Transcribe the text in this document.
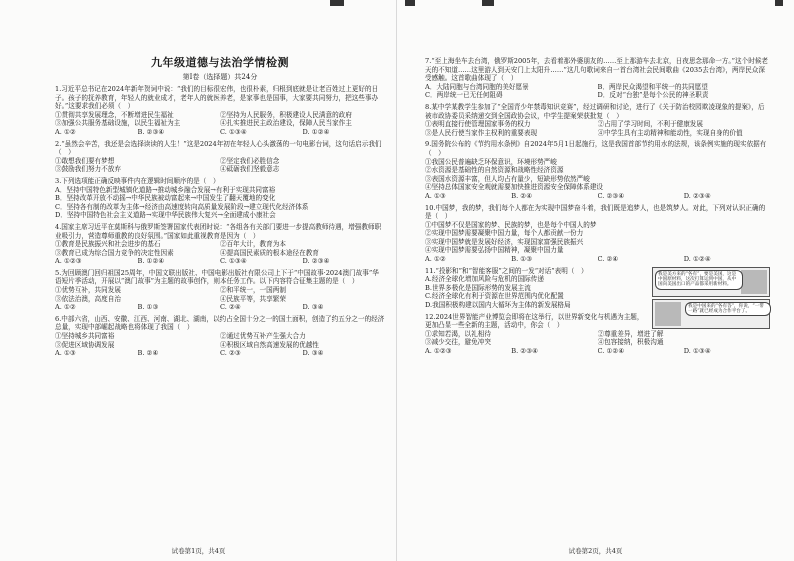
九年级道德与法治学情检测
第Ⅰ卷（选择题）共24分
1.习近平总书记在2024年新年贺词中说：“我们的目标很宏伟，也很朴素，归根到底就是让老百姓过上更好的日子。孩子的抚养教育，年轻人的就业成才，老年人的就医养老，是家事也是国事，大家要共同努力，把这些事办好。”这要求我们必须（　）
①贯彻共享发展理念，不断增进民生福祉	②坚持为人民服务，积极建设人民满意的政府
③加强公共服务基础设施，以民生福祉为主	④扎实推进民主政治建设，保障人民当家作主
A. ①②	B. ②③④	C. ①③④	D. ①②④
2.“虽然会辛苦，我还是会选择读读的人生！”这是2024年初在年轻人心头激荡的一句电影台词，这句话启示我们（　）
①敢想我们要有梦想	②坚定我们必胜信念
③鼓励我们努力不放弃	④砥砺我们坚毅意志
3.下列选项能正确反映事件内在逻辑时间顺序的是（　）
A．坚持中国特色新型城镇化道路→推动城乡融合发展→有利于实现共同富裕
B．坚持改革开放不动摇→中华民族被动富起来→中国发生了翻天覆地的变化
C．坚持各有制的改革为主体→经济由高速度转向高质量发展阶段→建立现代化经济体系
D．坚持中国特色社会主义道路→实现中华民族伟大复兴→全面建成小康社会
4.国家主席习近平在莫斯科与俄罗斯签署国家代表团时说：“各组各有关部门要进一步提高教师待遇，增强教师职业吸引力，营造尊师重教的良好氛围。”国家如此重视教育是因为（　）
①教育是民族振兴和社会进步的基石	②百年大计，教育为本
③教育已成为综合国力竞争的决定性因素	④提高国民素质的根本途径在教育
A. ①②③	B. ①②④	C. ①③④	D. ②③④
5.为回顾澳门回归祖国25周年，中国文联出版社、中国电影出版社有限公司上下于“中国故事·2024澳门故事”华语短片季活动，开展以“澳门故事”为主题的故事创作，则本任务工作。以下内容符合征集主题的是（　）
①优势互补，共同发展	②和平统一，一国两制
③依法治澳，高度自治	④民族平等，共享繁荣
A. ①②	B. ①③	C. ②④	D. ③④
6.中部六省，山西、安徽、江西、河南、湖北、湖南，以约占全国十分之一的国土面积，创造了约五分之一的经济总量，实现中部崛起战略也将体现了我国（　）
①坚持城乡共同富裕	②通过优势互补产生强大合力
③促进区域协调发展	④积极区域自然高速发展的优越性
A. ①③	B. ②④	C. ②③	D. ③④
试卷第1页，共4页
7.“至上海坐车去台湾，俄罗斯2005年，去看着那外婆朋友的……至上那游车去北京，日夜思念那命一方。”这个时候老天的不知道……这里游人到天安门上太阳升……”这几句歌词来自一首台湾社会民间歌曲《2035去台湾》，两岸民众深受感触。这首歌曲体现了（　）
A．大陆同胞与台湾同胞的美好愿景	B．两岸民众渴望和平统一的共同愿望
C．两岸统一已无任何阻碍	D．反对“台独”是每个公民的神圣职责
8.某中学某教学生参加了“全国青少年禁毒知识竞赛”，经过调研和讨论，进行了《关于防治校园欺凌现象的提案》，后被市政协委员采纳递交到全国政协会议，中学生提案荣获批复（　）
①表明直接行使管理国家事务的权力	②占用了学习时间，不利于健康发展
③是人民行使当家作主权利的重要表现	④中学生具有主动精神和能动性，实现自身的价值
9.国务院公布的《节约用水条例》自2024年5月1日起施行，这是我国首部节约用水的法规，该条例实施的现实依据有（　）
①我国公民普遍缺乏环保意识，环境形势严峻
②水资源是基础性的自然资源和战略性经济资源
③表国水资源丰富，但人均占有量少，短缺形势依然严峻
④坚持总体国家安全观就需要加快推进资源安全保障体系建设
A. ①③	B. ②④	C. ②③④	D. ②③④
10.中国梦，我的梦，我们每个人都在为实现中国梦奋斗着，我们既是追梦人，也是筑梦人。对此，下列对认识正确的是（　）
①中国梦不仅是国家的梦、民族的梦，也是每个中国人的梦
②实现中国梦需要凝聚中国力量，每个人都贡献一份力
③实现中国梦就是发展好经济，实现国家富强民族振兴
④实现中国梦需要弘扬中国精神，凝聚中国力量
A. ①②	B. ①③	C. ②④	D. ①②④
我是美方来的“各有”，要是美国，这是中国原材料，这次打算运到中国，从中国向美国出口的产品都采用新材料。
我是中国来的“各有答”，你说，“一带一路”就已经成为合作平台了。
11.“投影和”和“智能客服”之间的一发“对话”表明（　）
A.经济全球化增加风险与危机的国际传递
B.世界多极化是国际形势的发展主流
C.经济全球化有利于资源在世界范围内优化配置
D.我国积极构建以国内大循环为主体的新发展格局
12.2024世界智能产业博览会即将在这举行，以世界新变化与机遇为主题，更加凸显一些全新的主题，活动中，你会（　）
①求知若渴，以礼相待	②尊重差异，增进了解
③减少交往，避免冲突	④包容接纳，积极沟通
A. ①②③	B. ②③④	C. ①②④	D. ①③④
试卷第2页，共4页
